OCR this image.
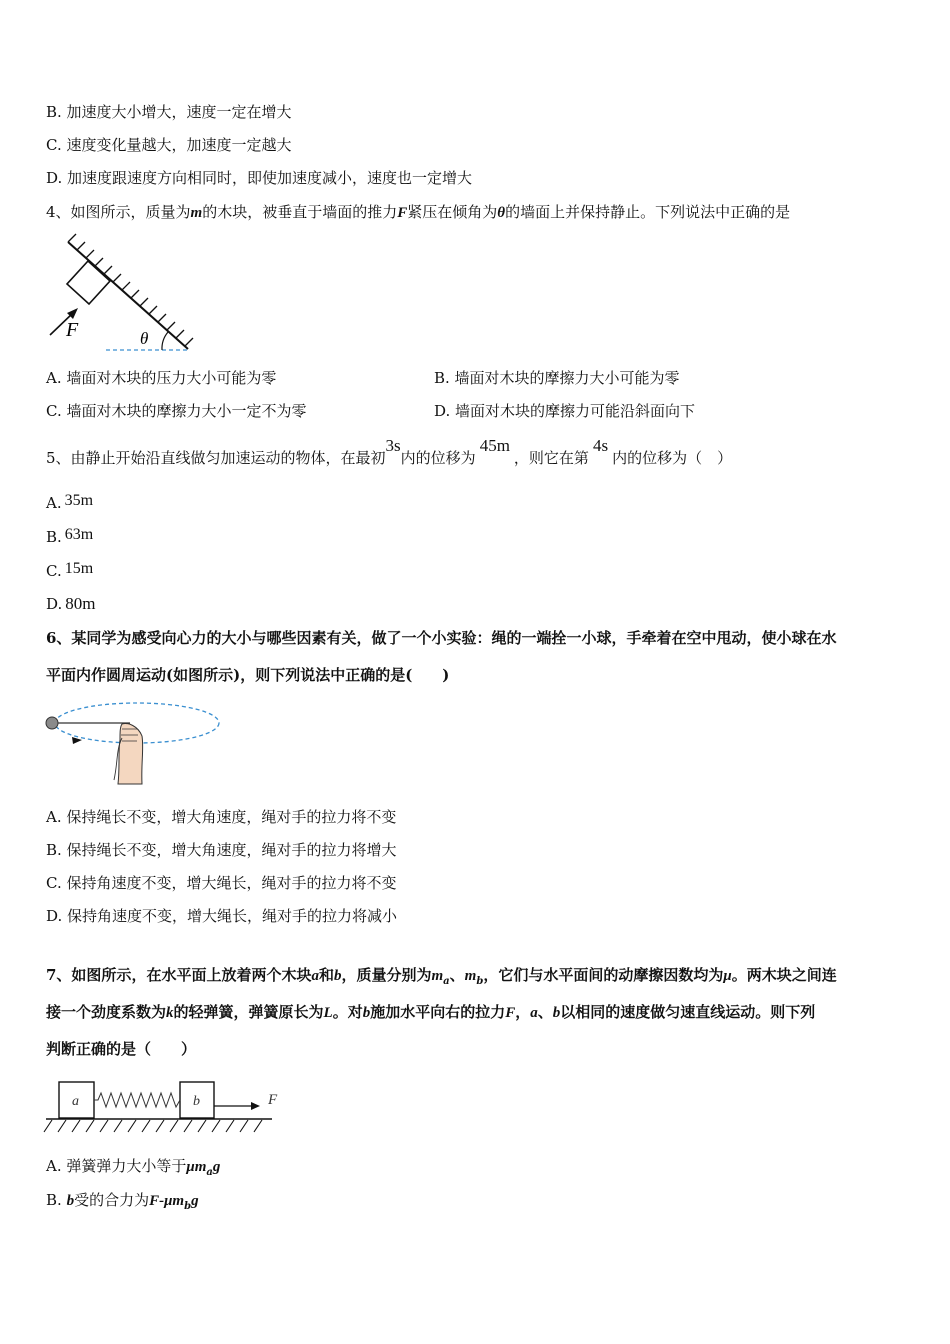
B. 加速度大小增大，速度一定在增大
C. 速度变化量越大，加速度一定越大
D. 加速度跟速度方向相同时，即使加速度减小，速度也一定增大
4、如图所示，质量为m的木块，被垂直于墙面的推力F紧压在倾角为θ的墙面上并保持静止。下列说法中正确的是
F	θ
A. 墙面对木块的压力大小可能为零	B. 墙面对木块的摩擦力大小可能为零
C. 墙面对木块的摩擦力大小一定不为零	D. 墙面对木块的摩擦力可能沿斜面向下
5、由静止开始沿直线做匀加速运动的物体，在最初3s内的位移为45m，则它在第4s内的位移为（　）
A. 35m
B. 63m
C. 15m
D. 80m
6、某同学为感受向心力的大小与哪些因素有关，做了一个小实验：绳的一端拴一小球，手牵着在空中甩动，使小球在水
平面内作圆周运动(如图所示)，则下列说法中正确的是(　　)
A. 保持绳长不变，增大角速度，绳对手的拉力将不变
B. 保持绳长不变，增大角速度，绳对手的拉力将增大
C. 保持角速度不变，增大绳长，绳对手的拉力将不变
D. 保持角速度不变，增大绳长，绳对手的拉力将减小
7、如图所示，在水平面上放着两个木块a和b，质量分别为$m_a$、$m_b$，它们与水平面间的动摩擦因数均为μ。两木块之间连
接一个劲度系数为k的轻弹簧，弹簧原长为L。对b施加水平向右的拉力F，a、b以相同的速度做匀速直线运动。则下列
判断正确的是（　　）
a	b	F
A. 弹簧弹力大小等于$\mu m_ag$
B. b受的合力为$F-\mu m_bg$
